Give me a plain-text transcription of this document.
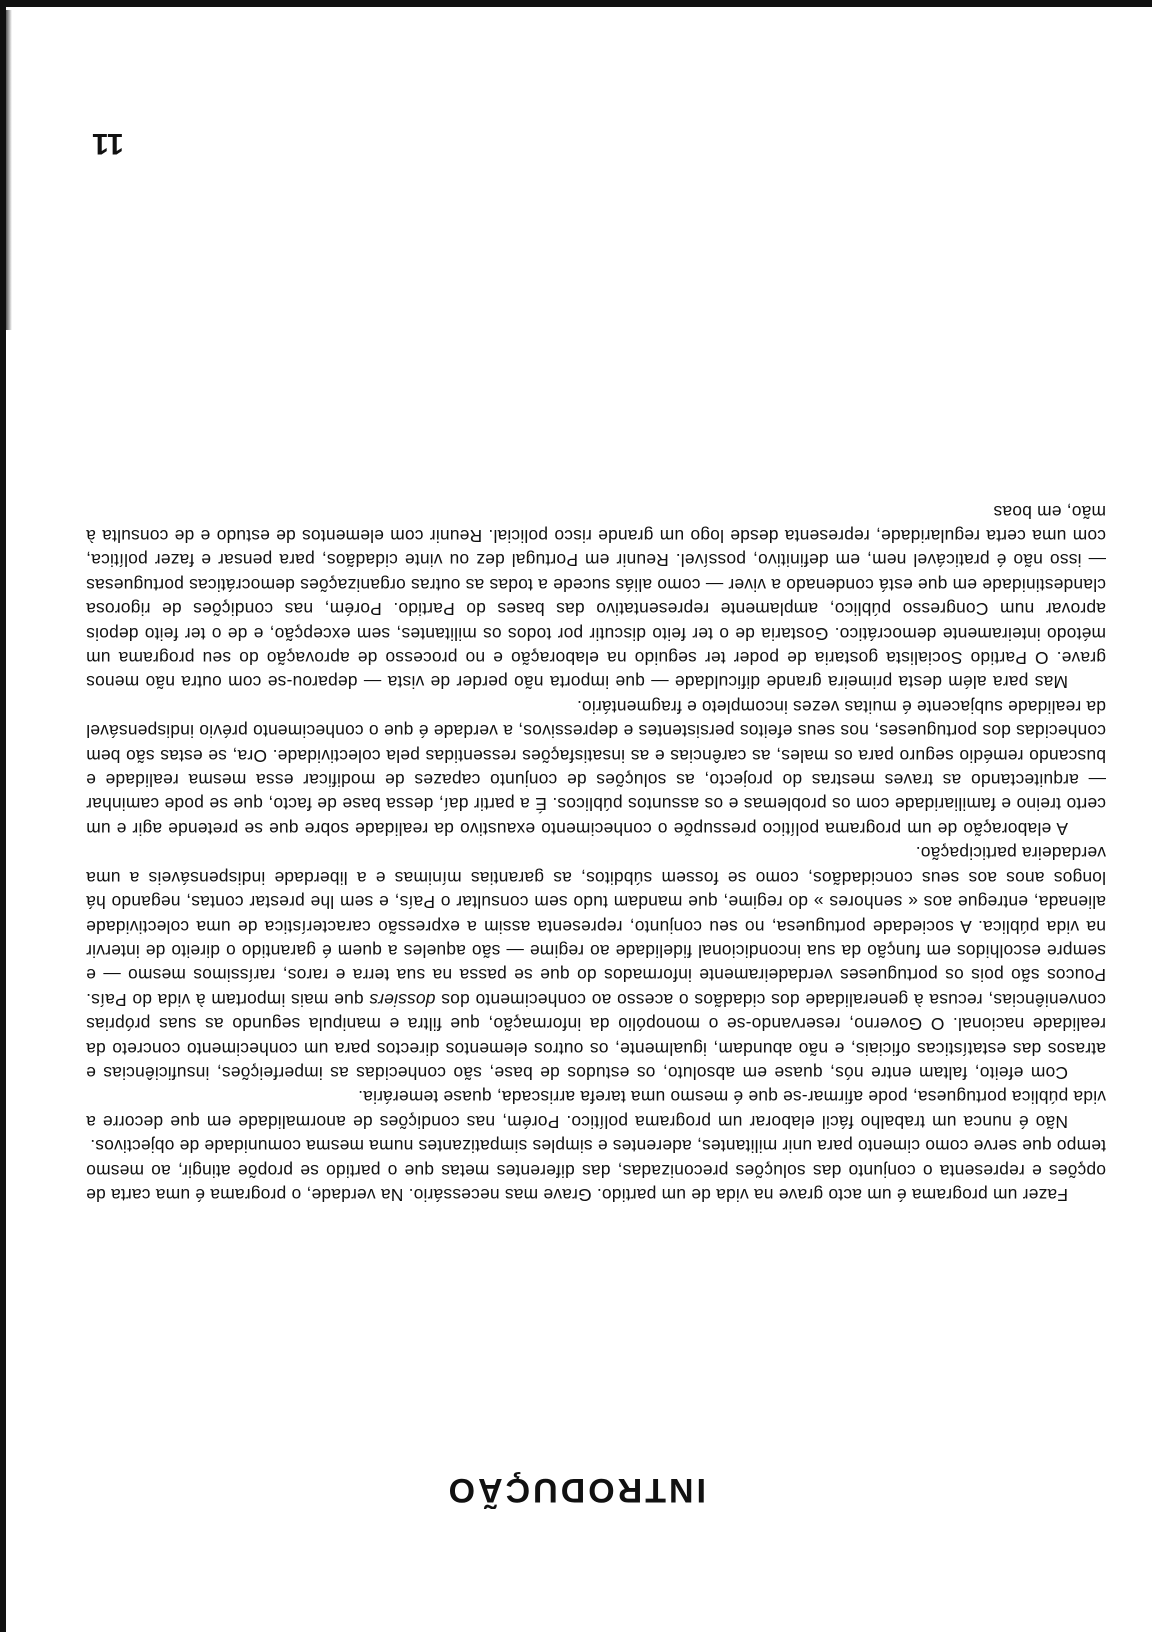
11
INTRODUÇÃO

Fazer um programa é um acto grave na vida de um partido. Grave mas necessário. Na verdade, o programa é uma carta de opções e representa o conjunto das soluções preconizadas, das diferentes metas que o partido se propõe atingir, ao mesmo tempo que serve como cimento para unir militantes, aderentes e simples simpatizantes numa mesma comunidade de objectivos.

Não é nunca um trabalho fácil elaborar um programa político. Porém, nas condições de anormalidade em que decorre a vida pública portuguesa, pode afirmar-se que é mesmo uma tarefa arriscada, quase temerária.

Com efeito, faltam entre nós, quase em absoluto, os estudos de base, são conhecidas as imperfeições, insuficiências e atrasos das estatísticas oficiais, e não abundam, igualmente, os outros elementos directos para um conhecimento concreto da realidade nacional. O Governo, reservando-se o monopólio da informação, que filtra e manipula segundo as suas próprias conveniências, recusa à generalidade dos cidadãos o acesso ao conhecimento dos dossiers que mais importam à vida do País. Poucos são pois os portugueses verdadeiramente informados do que se passa na sua terra e raros, raríssimos mesmo — e sempre escolhidos em função da sua incondicional fidelidade ao regime — são aqueles a quem é garantido o direito de intervir na vida pública. A sociedade portuguesa, no seu conjunto, representa assim a expressão característica de uma colectividade alienada, entregue aos « senhores » do regime, que mandam tudo sem consultar o País, e sem lhe prestar contas, negando há longos anos aos seus concidadãos, como se fossem súbditos, as garantias mínimas e a liberdade indispensáveis a uma verdadeira participação.

A elaboração de um programa político pressupõe o conhecimento exaustivo da realidade sobre que se pretende agir e um certo treino e familiaridade com os problemas e os assuntos públicos. É a partir daí, dessa base de facto, que se pode caminhar — arquitectando as traves mestras do projecto, as soluções de conjunto capazes de modificar essa mesma realidade e buscando remédio seguro para os males, as carências e as insatisfações ressentidas pela colectividade. Ora, se estas são bem conhecidas dos portugueses, nos seus efeitos persistentes e depressivos, a verdade é que o conhecimento prévio indispensável da realidade subjacente é muitas vezes incompleto e fragmentário.

Mas para além desta primeira grande dificuldade — que importa não perder de vista — deparou-se com outra não menos grave. O Partido Socialista gostaria de poder ter seguido na elaboração e no processo de aprovação do seu programa um método inteiramente democrático. Gostaria de o ter feito discutir por todos os militantes, sem excepção, e de o ter feito depois aprovar num Congresso público, amplamente representativo das bases do Partido. Porém, nas condições de rigorosa clandestinidade em que está condenado a viver — como aliás sucede a todas as outras organizações democráticas portuguesas — isso não é praticável nem, em definitivo, possível. Reunir em Portugal dez ou vinte cidadãos, para pensar e fazer política, com uma certa regularidade, representa desde logo um grande risco policial. Reunir com elementos de estudo e de consulta à mão, em boas
